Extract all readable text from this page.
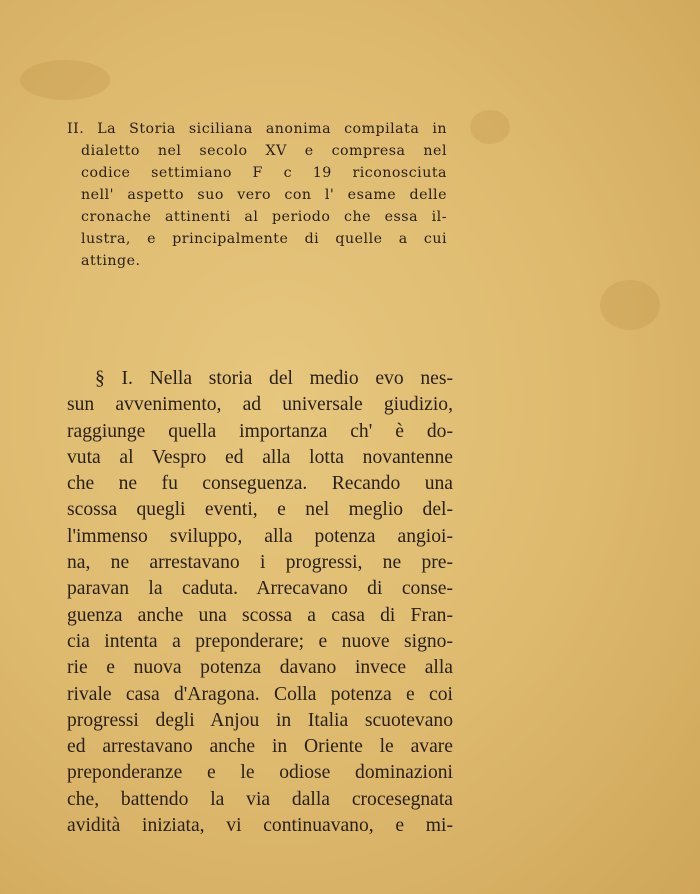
II. La Storia siciliana anonima compilata in
dialetto nel secolo XV e compresa nel
codice settimiano F c 19 riconosciuta
nell' aspetto suo vero con l' esame delle
cronache attinenti al periodo che essa il-
lustra, e principalmente di quelle a cui
attinge.
§ I. Nella storia del medio evo nes-
sun avvenimento, ad universale giudizio,
raggiunge quella importanza ch' è do-
vuta al Vespro ed alla lotta novantenne
che ne fu conseguenza. Recando una
scossa quegli eventi, e nel meglio del-
l'immenso sviluppo, alla potenza angioi-
na, ne arrestavano i progressi, ne pre-
paravan la caduta. Arrecavano di conse-
guenza anche una scossa a casa di Fran-
cia intenta a preponderare; e nuove signo-
rie e nuova potenza davano invece alla
rivale casa d'Aragona. Colla potenza e coi
progressi degli Anjou in Italia scuotevano
ed arrestavano anche in Oriente le avare
preponderanze e le odiose dominazioni
che, battendo la via dalla crocesegnata
avidità iniziata, vi continuavano, e mi-
